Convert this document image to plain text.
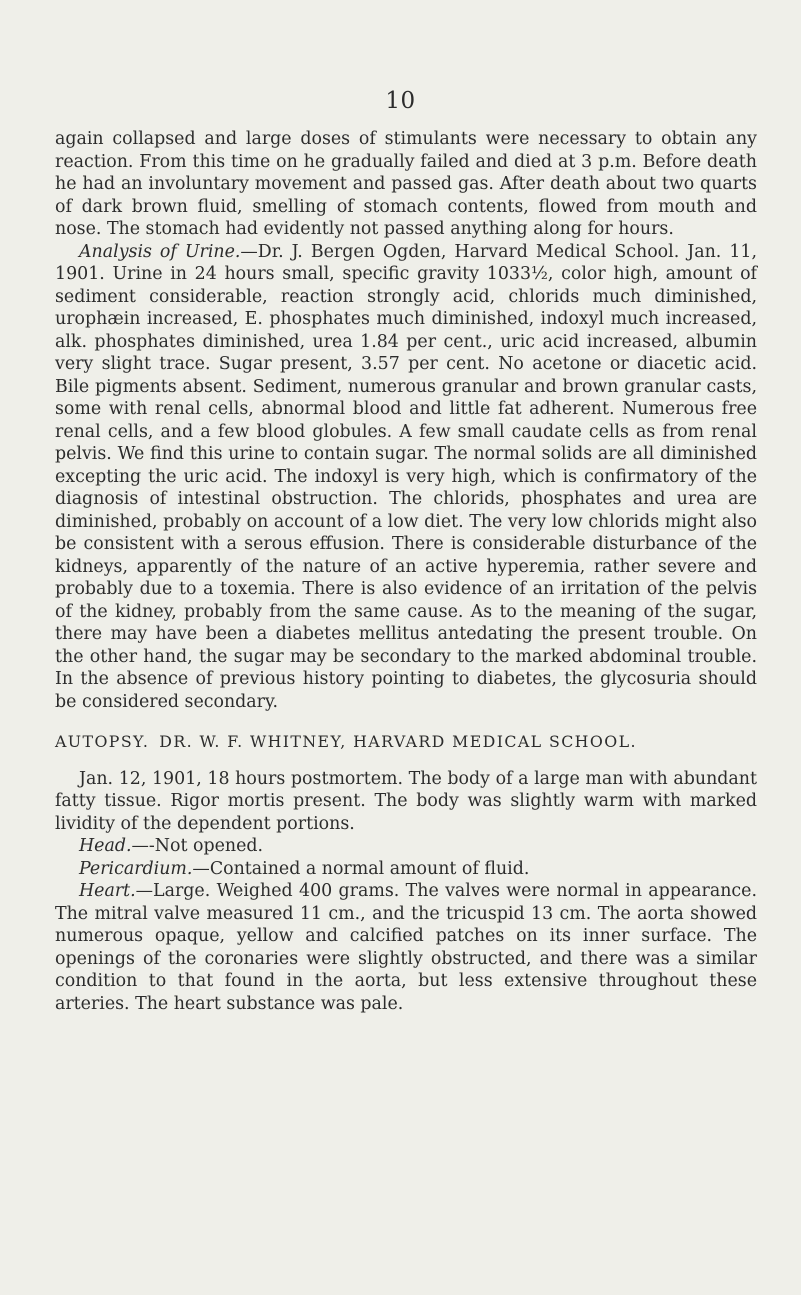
10

again collapsed and large doses of stimulants were necessary to obtain any reaction. From this time on he gradually failed and died at 3 p.m. Before death he had an involuntary movement and passed gas. After death about two quarts of dark brown fluid, smelling of stomach contents, flowed from mouth and nose. The stomach had evidently not passed anything along for hours.

Analysis of Urine.—Dr. J. Bergen Ogden, Harvard Medical School. Jan. 11, 1901. Urine in 24 hours small, specific gravity 1033½, color high, amount of sediment considerable, reaction strongly acid, chlorids much diminished, urophæin increased, E. phosphates much diminished, indoxyl much increased, alk. phosphates diminished, urea 1.84 per cent., uric acid increased, albumin very slight trace. Sugar present, 3.57 per cent. No acetone or diacetic acid. Bile pigments absent. Sediment, numerous granular and brown granular casts, some with renal cells, abnormal blood and little fat adherent. Numerous free renal cells, and a few blood globules. A few small caudate cells as from renal pelvis. We find this urine to contain sugar. The normal solids are all diminished excepting the uric acid. The indoxyl is very high, which is confirmatory of the diagnosis of intestinal obstruction. The chlorids, phosphates and urea are diminished, probably on account of a low diet. The very low chlorids might also be consistent with a serous effusion. There is considerable disturbance of the kidneys, apparently of the nature of an active hyperemia, rather severe and probably due to a toxemia. There is also evidence of an irritation of the pelvis of the kidney, probably from the same cause. As to the meaning of the sugar, there may have been a diabetes mellitus antedating the present trouble. On the other hand, the sugar may be secondary to the marked abdominal trouble. In the absence of previous history pointing to diabetes, the glycosuria should be considered secondary.

AUTOPSY. DR. W. F. WHITNEY, HARVARD MEDICAL SCHOOL.

Jan. 12, 1901, 18 hours postmortem. The body of a large man with abundant fatty tissue. Rigor mortis present. The body was slightly warm with marked lividity of the dependent portions.

Head.—-Not opened.

Pericardium.—Contained a normal amount of fluid.

Heart.—Large. Weighed 400 grams. The valves were normal in appearance. The mitral valve measured 11 cm., and the tricuspid 13 cm. The aorta showed numerous opaque, yellow and calcified patches on its inner surface. The openings of the coronaries were slightly obstructed, and there was a similar condition to that found in the aorta, but less extensive throughout these arteries. The heart substance was pale.
